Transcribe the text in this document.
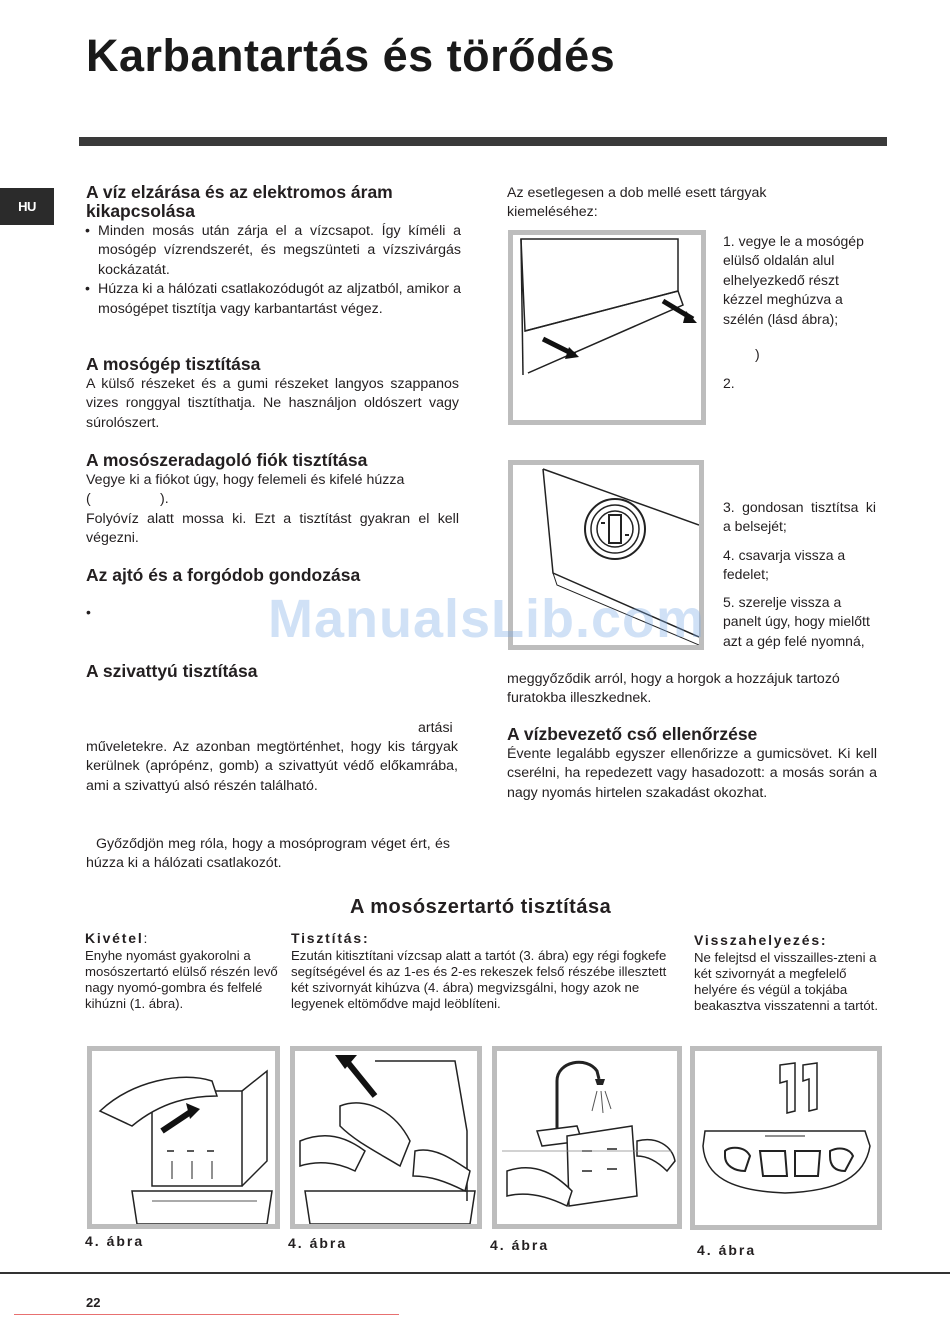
Karbantartás és törődés
HU
A víz elzárása és az elektromos áram kikapcsolása
• Minden mosás után zárja el a vízcsapot. Így kíméli a mosógép vízrendszerét, és megszünteti a vízszivárgás kockázatát.
• Húzza ki a hálózati csatlakozódugót az aljzatból, amikor a mosógépet tisztítja vagy karbantartást végez.
A mosógép tisztítása

A külső részeket és a gumi részeket langyos szappanos vizes ronggyal tisztíthatja. Ne használjon oldószert vagy súrolószert.

A mosószeradagoló fiók tisztítása

Vegye ki a fiókot úgy, hogy felemeli és kifelé húzza

(	).

Folyóvíz alatt mossa ki. Ezt a tisztítást gyakran el kell végezni.

Az ajtó és a forgódob gondozása
•
A szivattyú tisztítása
artási

műveletekre. Az azonban megtörténhet, hogy kis tárgyak kerülnek (aprópénz, gomb) a szivattyút védő előkamrába, ami a szivattyú alsó részén található.

Győződjön meg róla, hogy a mosóprogram véget ért, és húzza ki a hálózati csatlakozót.

Az esetlegesen a dob mellé esett tárgyak kiemeléséhez:

1. vegye le a mosógép elülső oldalán alul elhelyezkedő részt kézzel meghúzva a szélén (lásd ábra);

)
2.

3. gondosan tisztítsa ki a belsejét;

4. csavarja vissza a fedelet;

5. szerelje vissza a panelt úgy, hogy mielőtt azt a gép felé nyomná,

meggyőződik arról, hogy a horgok a hozzájuk tartozó furatokba illeszkednek.

A vízbevezető cső ellenőrzése

Évente legalább egyszer ellenőrizze a gumicsövet. Ki kell cserélni, ha repedezett vagy hasadozott: a mosás során a nagy nyomás hirtelen szakadást okozhat.

ManualsLib.com
A mosószertartó tisztítása
Kivétel:

Enyhe nyomást gyakorolni a mosószertartó elülső részén levő nagy nyomó-gombra és felfelé kihúzni (1. ábra).

Tisztítás:

Ezután kitisztítani vízcsap alatt a tartót (3. ábra) egy régi fogkefe segítségével és az 1-es és 2-es rekeszek felső részébe illesztett két szivornyát kihúzva (4. ábra) megvizsgálni, hogy azok ne legyenek eltömődve majd leöblíteni.

Visszahelyezés:

Ne felejtsd el visszailles-zteni a két szivornyát a megfelelő helyére és végül a tokjába beakasztva visszatenni a tartót.

4. ábra	4. ábra	4. ábra	4. ábra
22
